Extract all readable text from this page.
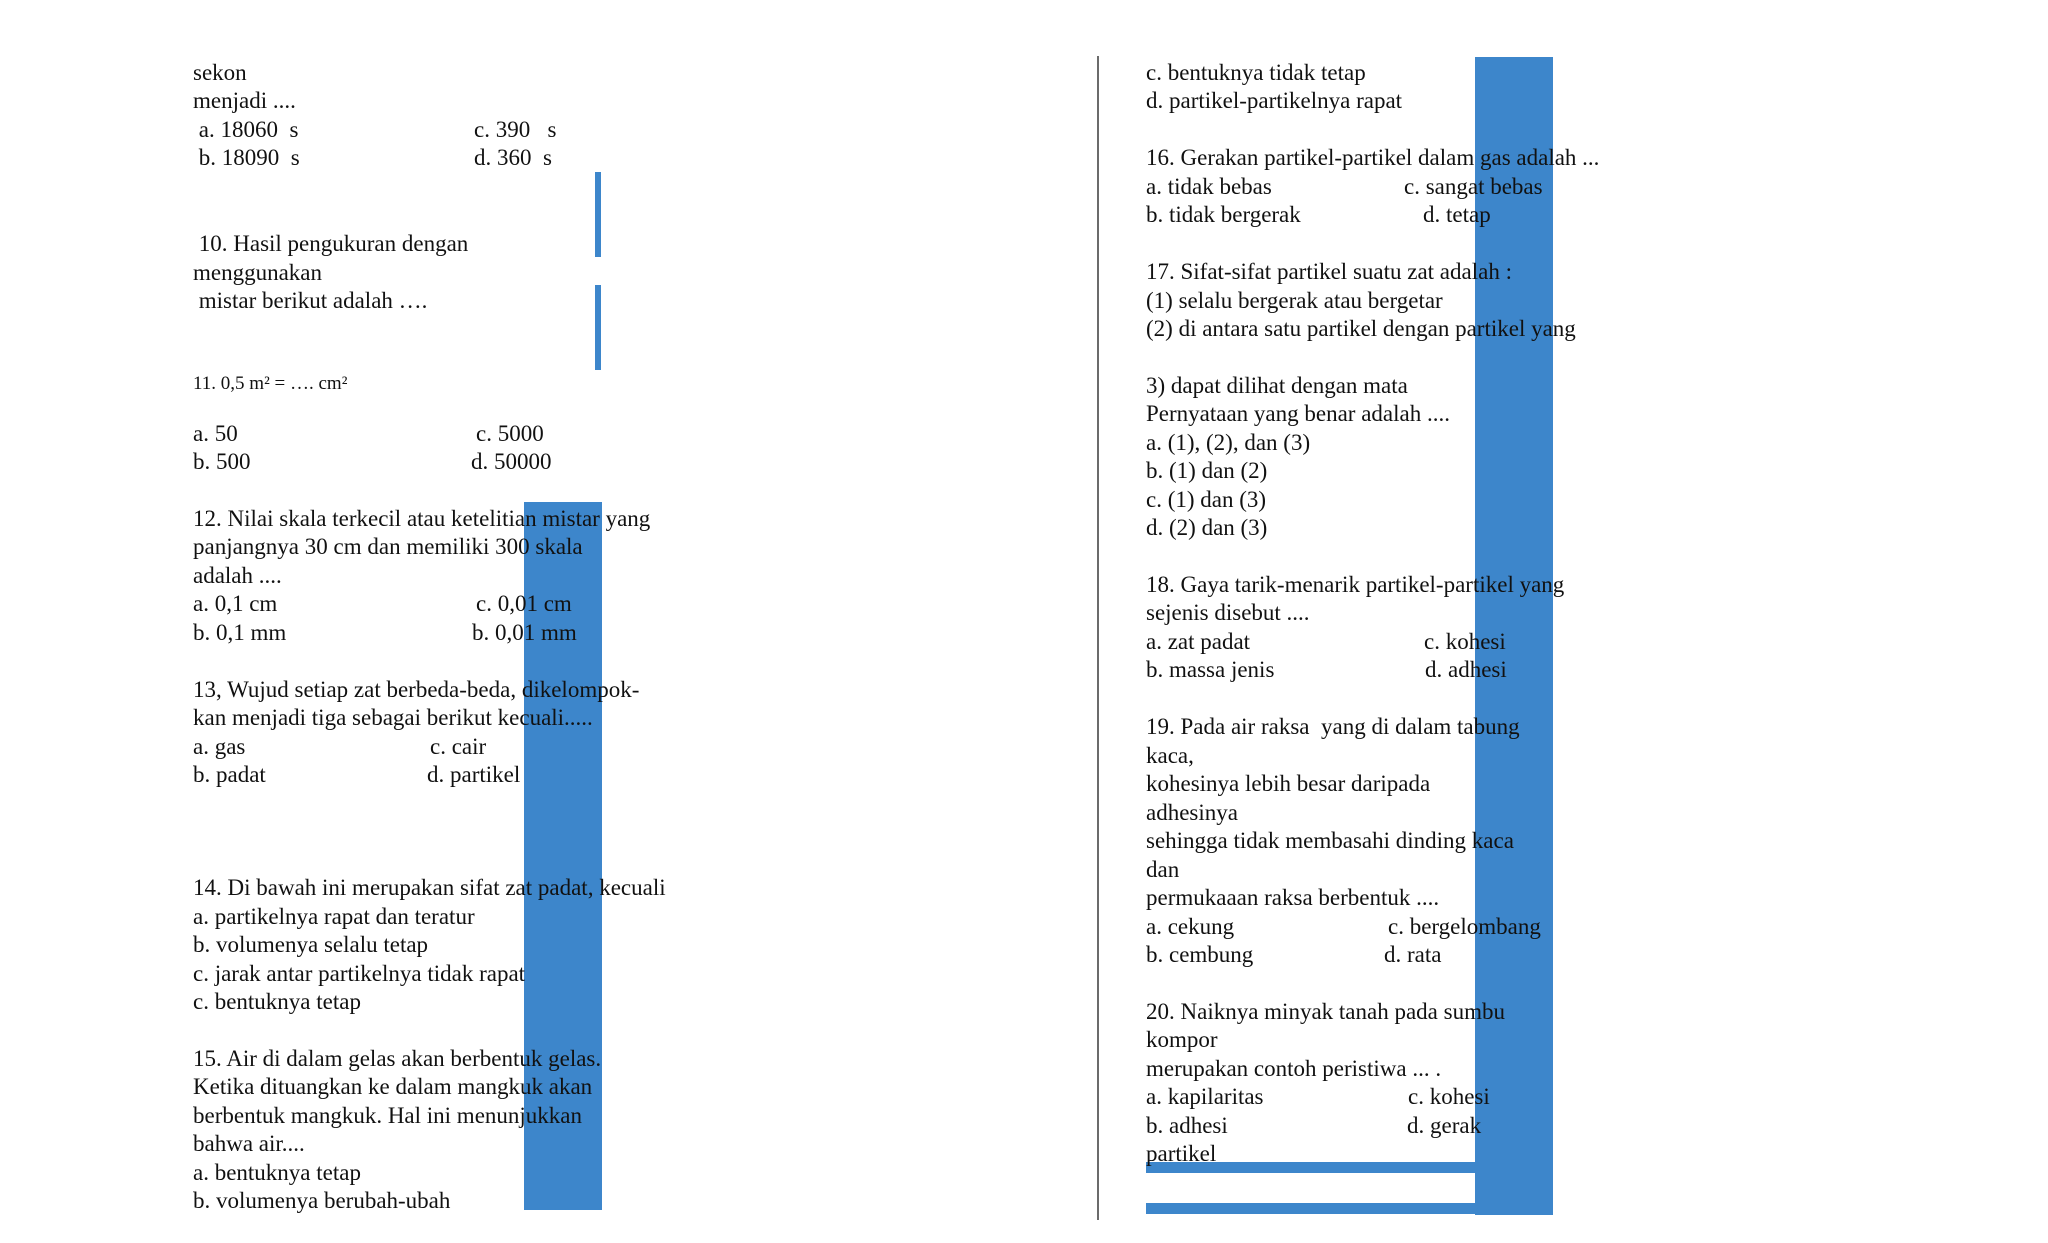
sekon
menjadi ....
a. 18060  s	c. 390   s
b. 18090  s	d. 360  s
10. Hasil pengukuran dengan
menggunakan
mistar berikut adalah ….
11. 0,5 m² = …. cm²
a. 50	c. 5000
b. 500	d. 50000
12. Nilai skala terkecil atau ketelitian mistar yang
panjangnya 30 cm dan memiliki 300 skala
adalah ....
a. 0,1 cm	c. 0,01 cm
b. 0,1 mm	b. 0,01 mm
13, Wujud setiap zat berbeda-beda, dikelompok-
kan menjadi tiga sebagai berikut kecuali.....
a. gas	c. cair
b. padat	d. partikel
14. Di bawah ini merupakan sifat zat padat, kecuali
a. partikelnya rapat dan teratur
b. volumenya selalu tetap
c. jarak antar partikelnya tidak rapat
c. bentuknya tetap
15. Air di dalam gelas akan berbentuk gelas.
Ketika dituangkan ke dalam mangkuk akan
berbentuk mangkuk. Hal ini menunjukkan
bahwa air....
a. bentuknya tetap
b. volumenya berubah-ubah
c. bentuknya tidak tetap
d. partikel-partikelnya rapat
16. Gerakan partikel-partikel dalam gas adalah ...
a. tidak bebas	c. sangat bebas
b. tidak bergerak	d. tetap
17. Sifat-sifat partikel suatu zat adalah :
(1) selalu bergerak atau bergetar
(2) di antara satu partikel dengan partikel yang
3) dapat dilihat dengan mata
Pernyataan yang benar adalah ....
a. (1), (2), dan (3)
b. (1) dan (2)
c. (1) dan (3)
d. (2) dan (3)
18. Gaya tarik-menarik partikel-partikel yang
sejenis disebut ....
a. zat padat	c. kohesi
b. massa jenis	d. adhesi
19. Pada air raksa  yang di dalam tabung
kaca,
kohesinya lebih besar daripada
adhesinya
sehingga tidak membasahi dinding kaca
dan
permukaaan raksa berbentuk ....
a. cekung	c. bergelombang
b. cembung	d. rata
20. Naiknya minyak tanah pada sumbu
kompor
merupakan contoh peristiwa ... .
a. kapilaritas	c. kohesi
b. adhesi	d. gerak
partikel
